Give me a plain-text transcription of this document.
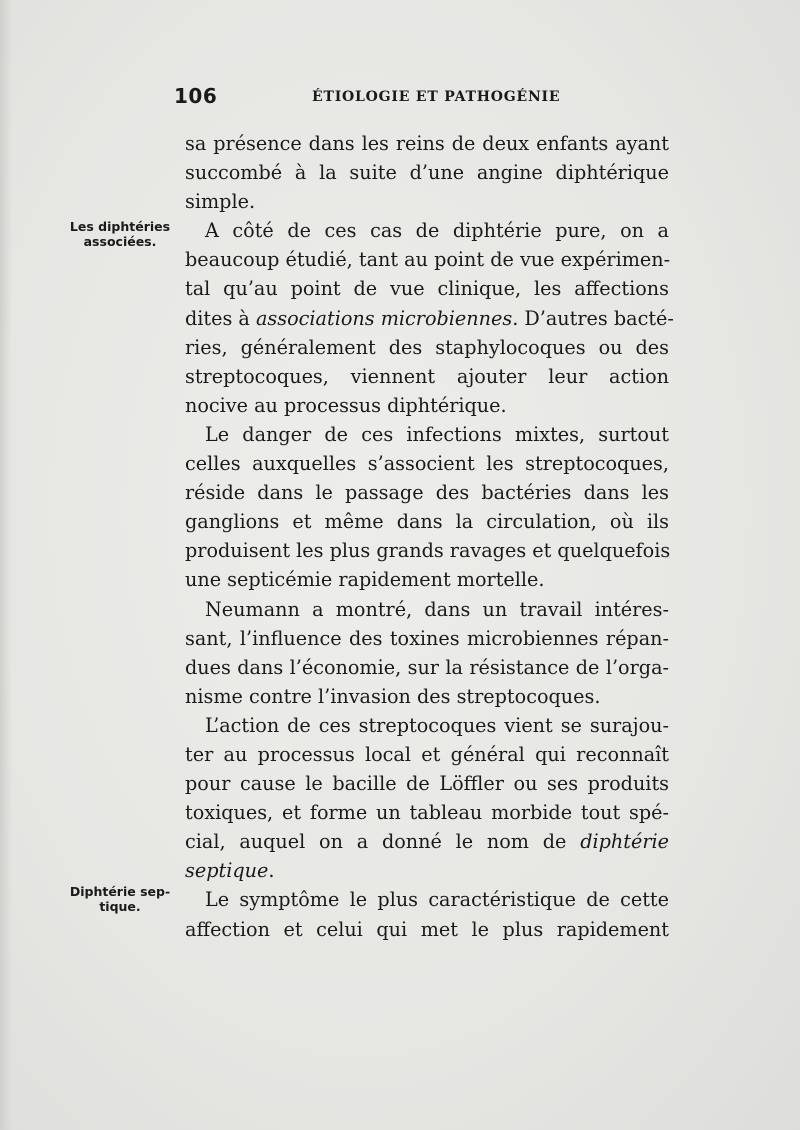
106	ÉTIOLOGIE ET PATHOGÉNIE
Les diphtéries
associées.
Diphtérie sep-
tique.
sa présence dans les reins de deux enfants ayant
succombé à la suite d’une angine diphtérique
simple.
A côté de ces cas de diphtérie pure, on a
beaucoup étudié, tant au point de vue expérimen-
tal qu’au point de vue clinique, les affections
dites à associations microbiennes. D’autres bacté-
ries, généralement des staphylocoques ou des
streptocoques, viennent ajouter leur action
nocive au processus diphtérique.
Le danger de ces infections mixtes, surtout
celles auxquelles s’associent les streptocoques,
réside dans le passage des bactéries dans les
ganglions et même dans la circulation, où ils
produisent les plus grands ravages et quelquefois
une septicémie rapidement mortelle.
Neumann a montré, dans un travail intéres-
sant, l’influence des toxines microbiennes répan-
dues dans l’économie, sur la résistance de l’orga-
nisme contre l’invasion des streptocoques.
L’action de ces streptocoques vient se surajou-
ter au processus local et général qui reconnaît
pour cause le bacille de Löffler ou ses produits
toxiques, et forme un tableau morbide tout spé-
cial, auquel on a donné le nom de diphtérie
septique.
Le symptôme le plus caractéristique de cette
affection et celui qui met le plus rapidement
